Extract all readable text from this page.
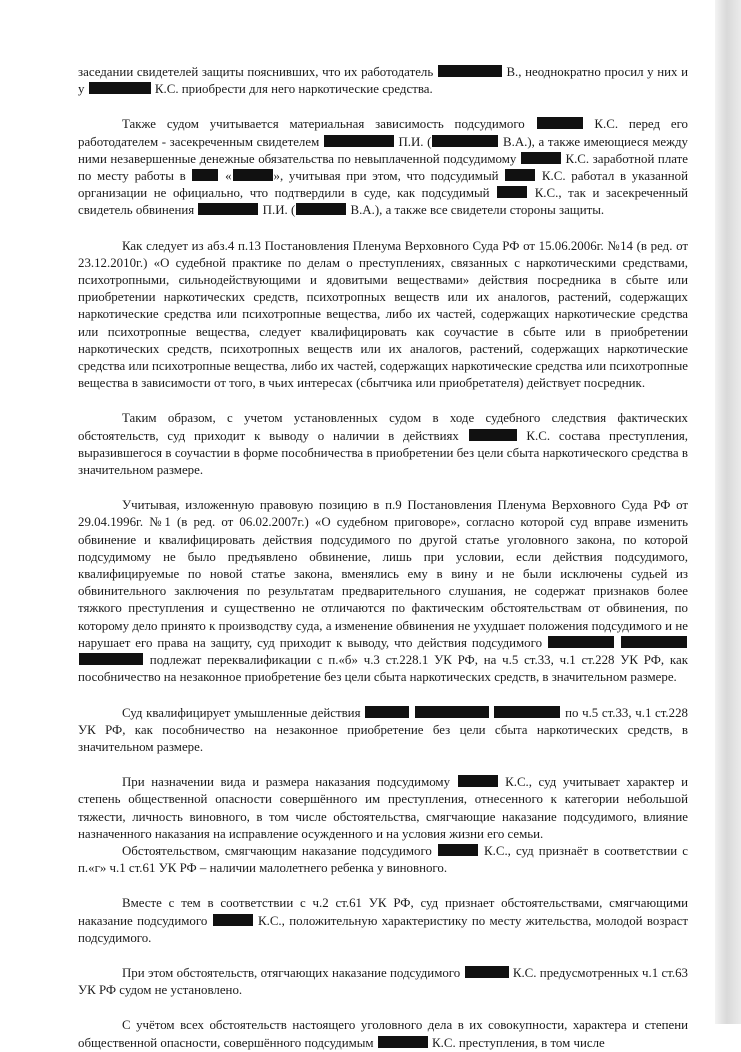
заседании свидетелей защиты пояснивших, что их работодатель	В., неоднократно просил у них и у	К.С. приобрести для него наркотические средства.

Также судом учитывается материальная зависимость подсудимого	К.С. перед его работодателем - засекреченным свидетелем	П.И. (	В.А.), а также имеющиеся между ними незавершенные денежные обязательства по невыплаченной подсудимому	К.С. заработной плате по месту работы в  «	», учитывая при этом, что подсудимый  К.С. работал в указанной организации не официально, что подтвердили в суде, как подсудимый  К.С., так и засекреченный свидетель обвинения	П.И. (	В.А.), а также все свидетели стороны защиты.

Как следует из абз.4 п.13 Постановления Пленума Верховного Суда РФ от 15.06.2006г. №14 (в ред. от 23.12.2010г.) «О судебной практике по делам о преступлениях, связанных с наркотическими средствами, психотропными, сильнодействующими и ядовитыми веществами» действия посредника в сбыте или приобретении наркотических средств, психотропных веществ или их аналогов, растений, содержащих наркотические средства или психотропные вещества, либо их частей, содержащих наркотические средства или психотропные вещества, следует квалифицировать как соучастие в сбыте или в приобретении наркотических средств, психотропных веществ или их аналогов, растений, содержащих наркотические средства или психотропные вещества, либо их частей, содержащих наркотические средства или психотропные вещества в зависимости от того, в чьих интересах (сбытчика или приобретателя) действует посредник.

Таким образом, с учетом установленных судом в ходе судебного следствия фактических обстоятельств, суд приходит к выводу о наличии в действиях	К.С. состава преступления, выразившегося в соучастии в форме пособничества в приобретении без цели сбыта наркотического средства в значительном размере.

Учитывая, изложенную правовую позицию в п.9 Постановления Пленума Верховного Суда РФ от 29.04.1996г. №1 (в ред. от 06.02.2007г.) «О судебном приговоре», согласно которой суд вправе изменить обвинение и квалифицировать действия подсудимого по другой статье уголовного закона, по которой подсудимому не было предъявлено обвинение, лишь при условии, если действия подсудимого, квалифицируемые по новой статье закона, вменялись ему в вину и не были исключены судьей из обвинительного заключения по результатам предварительного слушания, не содержат признаков более тяжкого преступления и существенно не отличаются по фактическим обстоятельствам от обвинения, по которому дело принято к производству суда, а изменение обвинения не ухудшает положения подсудимого и не нарушает его права на защиту, суд приходит к выводу, что действия подсудимого    подлежат переквалификации с п.«б» ч.3 ст.228.1 УК РФ, на ч.5 ст.33, ч.1 ст.228 УК РФ, как пособничество на незаконное приобретение без цели сбыта наркотических средств, в значительном размере.

Суд квалифицирует умышленные действия	по ч.5 ст.33, ч.1 ст.228 УК РФ, как пособничество на незаконное приобретение без цели сбыта наркотических средств, в значительном размере.

При назначении вида и размера наказания подсудимому	К.С., суд учитывает характер и степень общественной опасности совершённого им преступления, отнесенного к категории небольшой тяжести, личность виновного, в том числе обстоятельства, смягчающие наказание подсудимого, влияние назначенного наказания на исправление осужденного и на условия жизни его семьи.

Обстоятельством, смягчающим наказание подсудимого	К.С., суд признаёт в соответствии с п.«г» ч.1 ст.61 УК РФ – наличии малолетнего ребенка у виновного.

Вместе с тем в соответствии с ч.2 ст.61 УК РФ, суд признает обстоятельствами, смягчающими наказание подсудимого	К.С., положительную характеристику по месту жительства, молодой возраст подсудимого.

При этом обстоятельств, отягчающих наказание подсудимого	К.С. предусмотренных ч.1 ст.63 УК РФ судом не установлено.

С учётом всех обстоятельств настоящего уголовного дела в их совокупности, характера и степени общественной опасности, совершённого подсудимым	К.С. преступления, в том числе
